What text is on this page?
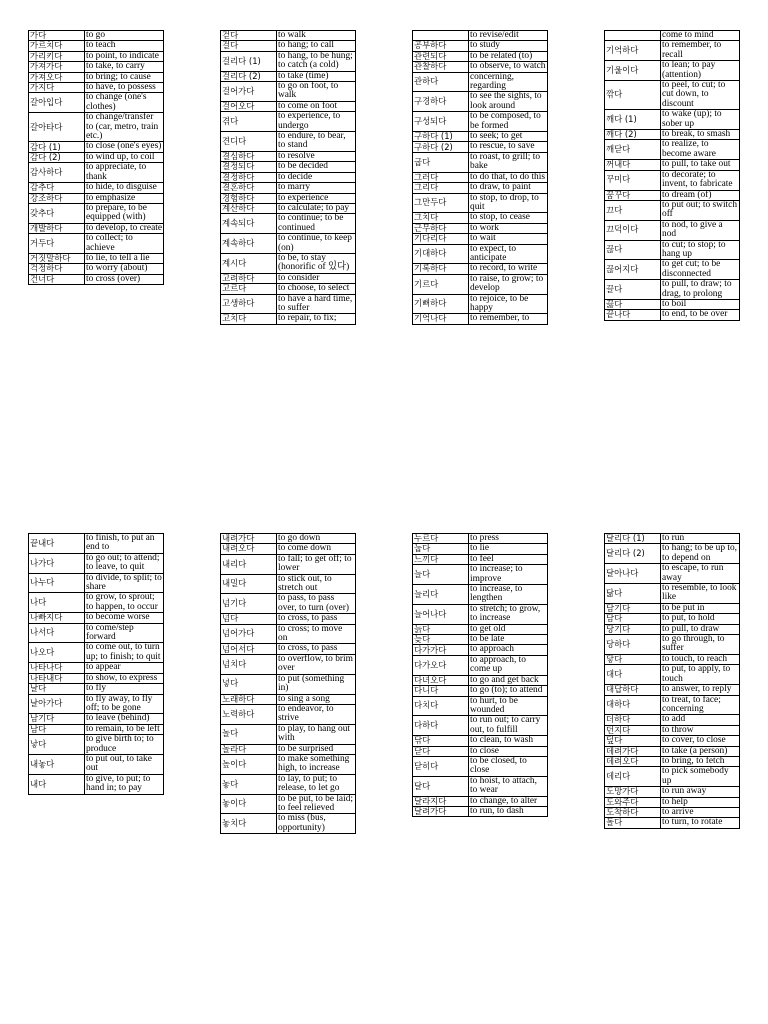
가다	to go
가르치다	to teach
가리키다	to point, to indicate
가져가다	to take, to carry
가져오다	to bring; to cause
가지다	to have, to possess
갈아입다	to change (one's clothes)
갈아타다	to change/transfer to (car, metro, train etc.)
감다 (1)	to close (one's eyes)
감다 (2)	to wind up, to coil
감사하다	to appreciate, to thank
감추다	to hide, to disguise
강조하다	to emphasize
갖추다	to prepare, to be equipped (with)
개발하다	to develop, to create
거두다	to collect; to achieve
거짓말하다	to lie, to tell a lie
걱정하다	to worry (about)
건너다	to cross (over)
걷다	to walk
걸다	to hang; to call
걸리다 (1)	to hang, to be hung; to catch (a cold)
걸리다 (2)	to take (time)
걸어가다	to go on foot, to walk
걸어오다	to come on foot
겪다	to experience, to undergo
견디다	to endure, to bear, to stand
결심하다	to resolve
결정되다	to be decided
결정하다	to decide
결혼하다	to marry
경험하다	to experience
계산하다	to calculate; to pay
계속되다	to continue; to be continued
계속하다	to continue, to keep (on)
계시다	to be, to stay (honorific of 있다)
고려하다	to consider
고르다	to choose, to select
고생하다	to have a hard time, to suffer
고치다	to repair, to fix;
	to revise/edit
공부하다	to study
관련되다	to be related (to)
관찰하다	to observe, to watch
관하다	concerning, regarding
구경하다	to see the sights, to look around
구성되다	to be composed, to be formed
구하다 (1)	to seek; to get
구하다 (2)	to rescue, to save
굽다	to roast, to grill; to bake
그러다	to do that, to do this
그리다	to draw, to paint
그만두다	to stop, to drop, to quit
그치다	to stop, to cease
근무하다	to work
기다리다	to wait
기대하다	to expect, to anticipate
기록하다	to record, to write
기르다	to raise, to grow; to develop
기뻐하다	to rejoice, to be happy
기억나다	to remember, to
	come to mind
기억하다	to remember, to recall
기울이다	to lean; to pay (attention)
깎다	to peel, to cut; to cut down, to discount
깨다 (1)	to wake (up); to sober up
깨다 (2)	to break, to smash
깨닫다	to realize, to become aware
꺼내다	to pull, to take out
꾸미다	to decorate; to invent, to fabricate
꿈꾸다	to dream (of)
끄다	to put out; to switch off
끄덕이다	to nod, to give a nod
끊다	to cut; to stop; to hang up
끊어지다	to get cut; to be disconnected
끌다	to pull, to draw; to drag, to prolong
끓다	to boil
끝나다	to end, to be over
끝내다	to finish, to put an end to
나가다	to go out; to attend; to leave, to quit
나누다	to divide, to split; to share
나다	to grow, to sprout; to happen, to occur
나빠지다	to become worse
나서다	to come/step forward
나오다	to come out, to turn up; to finish; to quit
나타나다	to appear
나타내다	to show, to express
날다	to fly
날아가다	to fly away, to fly off; to be gone
남기다	to leave (behind)
남다	to remain, to be left
낳다	to give birth to; to produce
내놓다	to put out, to take out
내다	to give, to put; to hand in; to pay
내려가다	to go down
내려오다	to come down
내리다	to fall; to get off; to lower
내밀다	to stick out, to stretch out
넘기다	to pass, to pass over, to turn (over)
넘다	to cross, to pass
넘어가다	to cross; to move on
넘어서다	to cross, to pass
넘치다	to overflow, to brim over
넣다	to put (something in)
노래하다	to sing a song
노력하다	to endeavor, to strive
놀다	to play, to hang out with
놀라다	to be surprised
높이다	to make something high, to increase
놓다	to lay, to put; to release, to let go
놓이다	to be put, to be laid; to feel relieved
놓치다	to miss (bus, opportunity)
누르다	to press
눕다	to lie
느끼다	to feel
늘다	to increase; to improve
늘리다	to increase, to lengthen
늘어나다	to stretch; to grow, to increase
늙다	to get old
늦다	to be late
다가가다	to approach
다가오다	to approach, to come up
다녀오다	to go and get back
다니다	to go (to); to attend
다치다	to hurt, to be wounded
다하다	to run out; to carry out, to fulfill
닦다	to clean, to wash
닫다	to close
닫히다	to be closed, to close
달다	to hoist, to attach, to wear
달라지다	to change, to alter
달려가다	to run, to dash
달리다 (1)	to run
달리다 (2)	to hang; to be up to, to depend on
달아나다	to escape, to run away
닮다	to resemble, to look like
담기다	to be put in
담다	to put, to hold
당기다	to pull, to draw
당하다	to go through, to suffer
닿다	to touch, to reach
대다	to put, to apply, to touch
대답하다	to answer, to reply
대하다	to treat, to face; concerning
더하다	to add
던지다	to throw
덮다	to cover, to close
데려가다	to take (a person)
데려오다	to bring, to fetch
데리다	to pick somebody up
도망가다	to run away
도와주다	to help
도착하다	to arrive
돌다	to turn, to rotate
